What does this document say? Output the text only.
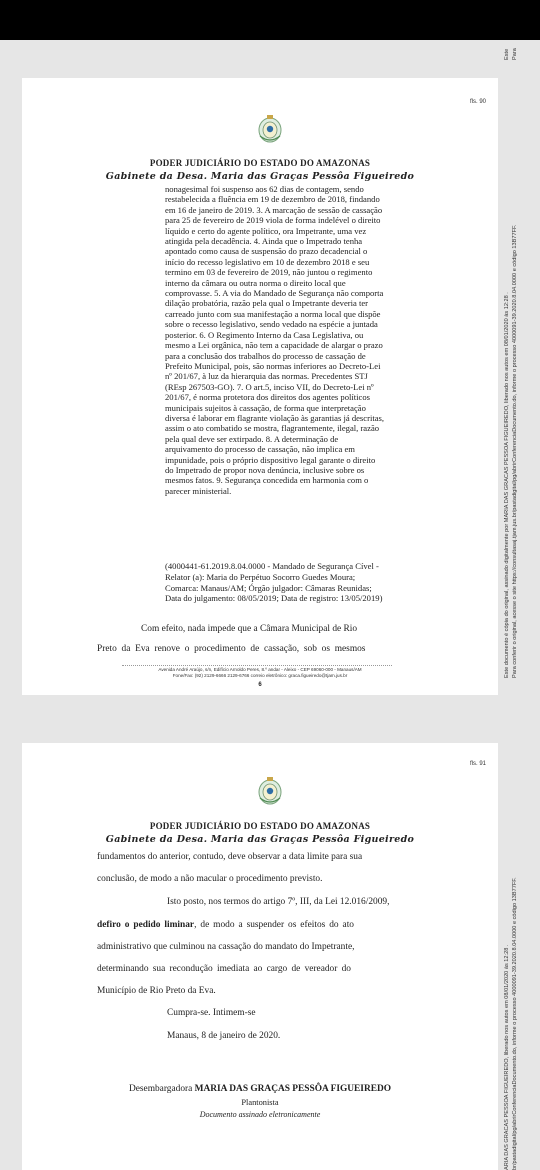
fls. 90
PODER JUDICIÁRIO DO ESTADO DO AMAZONAS
Gabinete da Desa. Maria das Graças Pessôa Figueiredo
nonagesimal foi suspenso aos 62 dias de contagem, sendo
restabelecida a fluência em 19 de dezembro de 2018, findando
em 16 de janeiro de 2019. 3. A marcação de sessão de cassação
para 25 de fevereiro de 2019 viola de forma indelével o direito
líquido e certo do agente político, ora Impetrante, uma vez
atingida pela decadência. 4. Ainda que o Impetrado tenha
apontado como causa de suspensão do prazo decadencial o
início do recesso legislativo em 10 de dezembro 2018 e seu
termino em 03 de fevereiro de 2019, não juntou o regimento
interno da câmara ou outra norma o direito local que
comprovasse. 5. A via do Mandado de Segurança não comporta
dilação probatória, razão pela qual o Impetrante deveria ter
carreado junto com sua manifestação a norma local que dispõe
sobre o recesso legislativo, sendo vedado na espécie a juntada
posterior. 6. O Regimento Interno da Casa Legislativa, ou
mesmo a Lei orgânica, não tem a capacidade de alargar o prazo
para a conclusão dos trabalhos do processo de cassação de
Prefeito Municipal, pois, são normas inferiores ao Decreto-Lei
nº 201/67, à luz da hierarquia das normas. Precedentes STJ
(REsp 267503-GO). 7. O art.5, inciso VII, do Decreto-Lei nº
201/67, é norma protetora dos direitos dos agentes políticos
municipais sujeitos à cassação, de forma que interpretação
diversa é laborar em flagrante violação às garantias já descritas,
assim o ato combatido se mostra, flagrantemente, ilegal, razão
pela qual deve ser extirpado. 8. A determinação de
arquivamento do processo de cassação, não implica em
impunidade, pois o próprio dispositivo legal garante o direito
do Impetrado de propor nova denúncia, inclusive sobre os
mesmos fatos. 9. Segurança concedida em harmonia com o
parecer ministerial.
(4000441-61.2019.8.04.0000 - Mandado de Segurança Cível -
Relator (a): Maria do Perpétuo Socorro Guedes Moura;
Comarca: Manaus/AM; Órgão julgador: Câmaras Reunidas;
Data do julgamento: 08/05/2019; Data de registro: 13/05/2019)
Com efeito, nada impede que a Câmara Municipal de Rio
Preto da Eva renove o procedimento de cassação, sob os mesmos
Avenida André Araújo, s/n, Edifício Arnoldo Peres, 8.º andar - Aleixo - CEP 69060-000 - Manaus/AM
Fone/Fax: (92) 2129-6666 2129-6766 correio eletrônico: graca.figueiredo@tjam.jus.br
6
Este documento é cópia do original, assinado digitalmente por MARIA DAS GRACAS PESSOA FIGUEIREDO, liberado nos autos em 08/01/2020 às 12:28 . Para conferir o original, acesse o site https://consultasaj.tjam.jus.br/pastadigital/pg/abrirConferenciaDocumento.do, informe o processo 4000091-39.2020.8.04.0000 e código 13B77FF.
fls. 91
PODER JUDICIÁRIO DO ESTADO DO AMAZONAS
Gabinete da Desa. Maria das Graças Pessôa Figueiredo
fundamentos do anterior, contudo, deve observar a data limite para sua
conclusão, de modo a não macular o procedimento previsto.
Isto posto, nos termos do artigo 7º, III, da Lei 12.016/2009,
defiro o pedido liminar, de modo a suspender os efeitos do ato
administrativo que culminou na cassação do mandato do Impetrante,
determinando sua recondução imediata ao cargo de vereador do
Município de Rio Preto da Eva.
Cumpra-se. Intimem-se
Manaus, 8 de janeiro de 2020.
Desembargadora MARIA DAS GRAÇAS PESSÔA FIGUEIREDO
Plantonista
Documento assinado eletronicamente	ARIA DAS GRACAS PESSOA FIGUEIREDO, liberado nos autos em 08/01/2020 às 12:28 . br/pastadigital/pg/abrirConferenciaDocumento.do, informe o processo 4000091-39.2020.8.04.0000 e código 13B77FF.
Este Para
